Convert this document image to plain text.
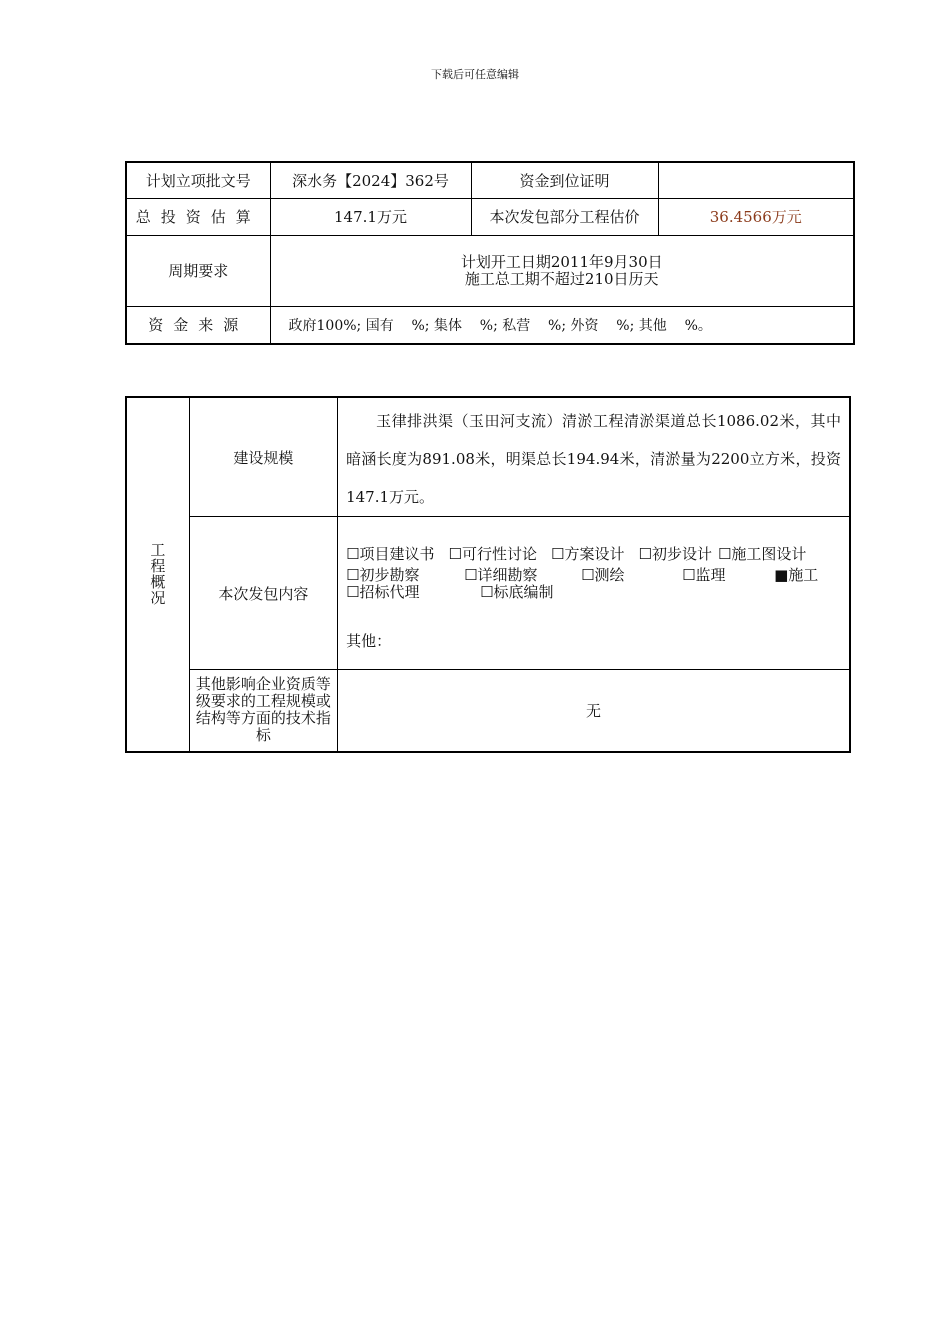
下载后可任意编辑
计划立项批文号	深水务【2024】362号	资金到位证明	
总投资估算	147.1万元	本次发包部分工程估价	36.4566万元
周期要求	计划开工日期2011年9月30日
施工总工期不超过210日历天		

资金来源	政府100%; 国有    %; 集体    %; 私营    %; 外资    %; 其他    %。		
工程概况	建设规模	玉律排洪渠（玉田河支流）清淤工程清淤渠道总长1086.02米，其中暗涵长度为891.08米，明渠总长194.94米，清淤量为2200立方米，投资147.1万元。

	本次发包内容	☐项目建议书 ☐可行性讨论 ☐方案设计 ☐初步设计 ☐施工图设计
☐初步勘察 ☐详细勘察 ☐测绘 ☐监理 ■施工
☐招标代理 ☐标底编制
其他：

	其他影响企业资质等级要求的工程规模或结构等方面的技术指标	无
